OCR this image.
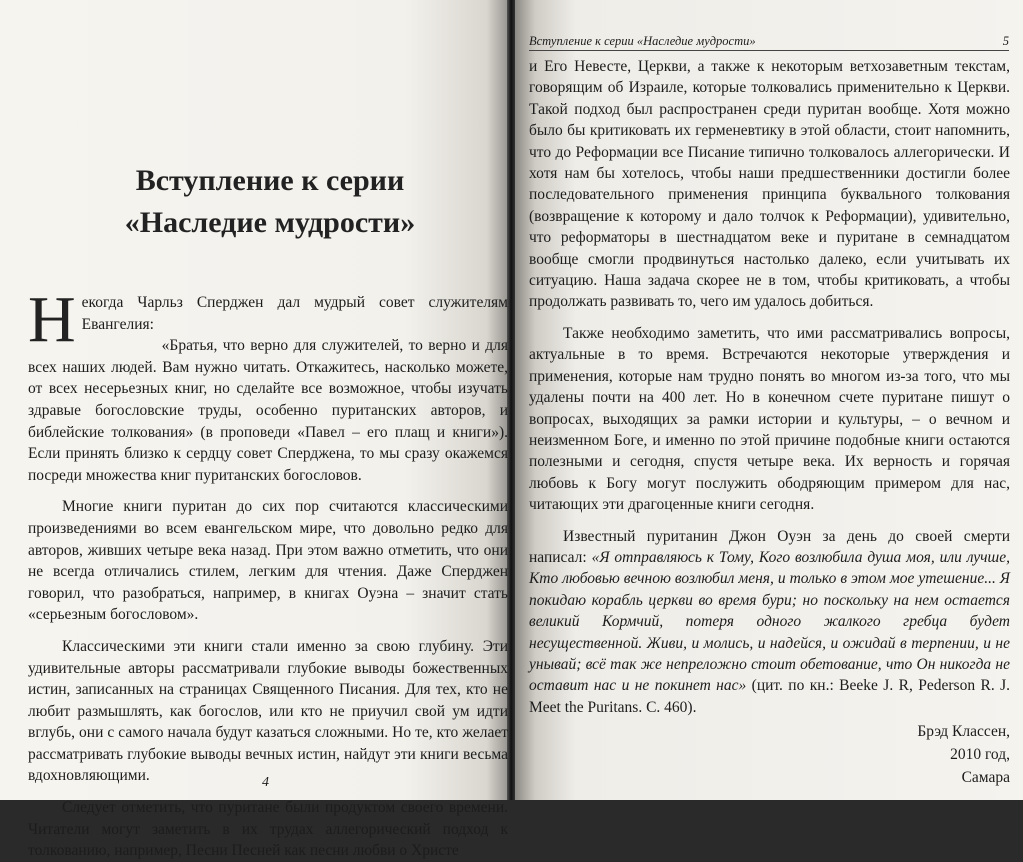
Вступление к серии
«Наследие мудрости»

Н екогда Чарльз Сперджен дал мудрый совет служителям Евангелия:

«Братья, что верно для служителей, то верно и для всех наших людей. Вам нужно читать. Откажитесь, насколько можете, от всех несерьезных книг, но сделайте все возможное, чтобы изучать здравые богословские труды, особенно пуританских авторов, и библейские толкования» (в проповеди «Павел – его плащ и книги»). Если принять близко к сердцу совет Сперджена, то мы сразу окажемся посреди множества книг пуританских богословов.

Многие книги пуритан до сих пор считаются классическими произведениями во всем евангельском мире, что довольно редко для авторов, живших четыре века назад. При этом важно отметить, что они не всегда отличались стилем, легким для чтения. Даже Сперджен говорил, что разобраться, например, в книгах Оуэна – значит стать «серьезным богословом».

Классическими эти книги стали именно за свою глубину. Эти удивительные авторы рассматривали глубокие выводы божественных истин, записанных на страницах Священного Писания. Для тех, кто не любит размышлять, как богослов, или кто не приучил свой ум идти вглубь, они с самого начала будут казаться сложными. Но те, кто желает рассматривать глубокие выводы вечных истин, найдут эти книги весьма вдохновляющими.

Следует отметить, что пуритане были продуктом своего времени. Читатели могут заметить в их трудах аллегорический подход к толкованию, например, Песни Песней как песни любви о Христе

4
Вступление к серии «Наследие мудрости»	5

и Его Невесте, Церкви, а также к некоторым ветхозаветным текстам, говорящим об Израиле, которые толковались применительно к Церкви. Такой подход был распространен среди пуритан вообще. Хотя можно было бы критиковать их герменевтику в этой области, стоит напомнить, что до Реформации все Писание типично толковалось аллегорически. И хотя нам бы хотелось, чтобы наши предшественники достигли более последовательного применения принципа буквального толкования (возвращение к которому и дало толчок к Реформации), удивительно, что реформаторы в шестнадцатом веке и пуритане в семнадцатом вообще смогли продвинуться настолько далеко, если учитывать их ситуацию. Наша задача скорее не в том, чтобы критиковать, а чтобы продолжать развивать то, чего им удалось добиться.

Также необходимо заметить, что ими рассматривались вопросы, актуальные в то время. Встречаются некоторые утверждения и применения, которые нам трудно понять во многом из-за того, что мы удалены почти на 400 лет. Но в конечном счете пуритане пишут о вопросах, выходящих за рамки истории и культуры, – о вечном и неизменном Боге, и именно по этой причине подобные книги остаются полезными и сегодня, спустя четыре века. Их верность и горячая любовь к Богу могут послужить ободряющим примером для нас, читающих эти драгоценные книги сегодня.

Известный пуританин Джон Оуэн за день до своей смерти написал: «Я отправляюсь к Тому, Кого возлюбила душа моя, или лучше, Кто любовью вечною возлюбил меня, и только в этом мое утешение... Я покидаю корабль церкви во время бури; но поскольку на нем остается великий Кормчий, потеря одного жалкого гребца будет несущественной. Живи, и молись, и надейся, и ожидай в терпении, и не унывай; всё так же непреложно стоит обетование, что Он никогда не оставит нас и не покинет нас» (цит. по кн.: Beeke J. R, Pederson R. J. Meet the Puritans. C. 460).

Брэд Классен,
2010 год,
Самара
